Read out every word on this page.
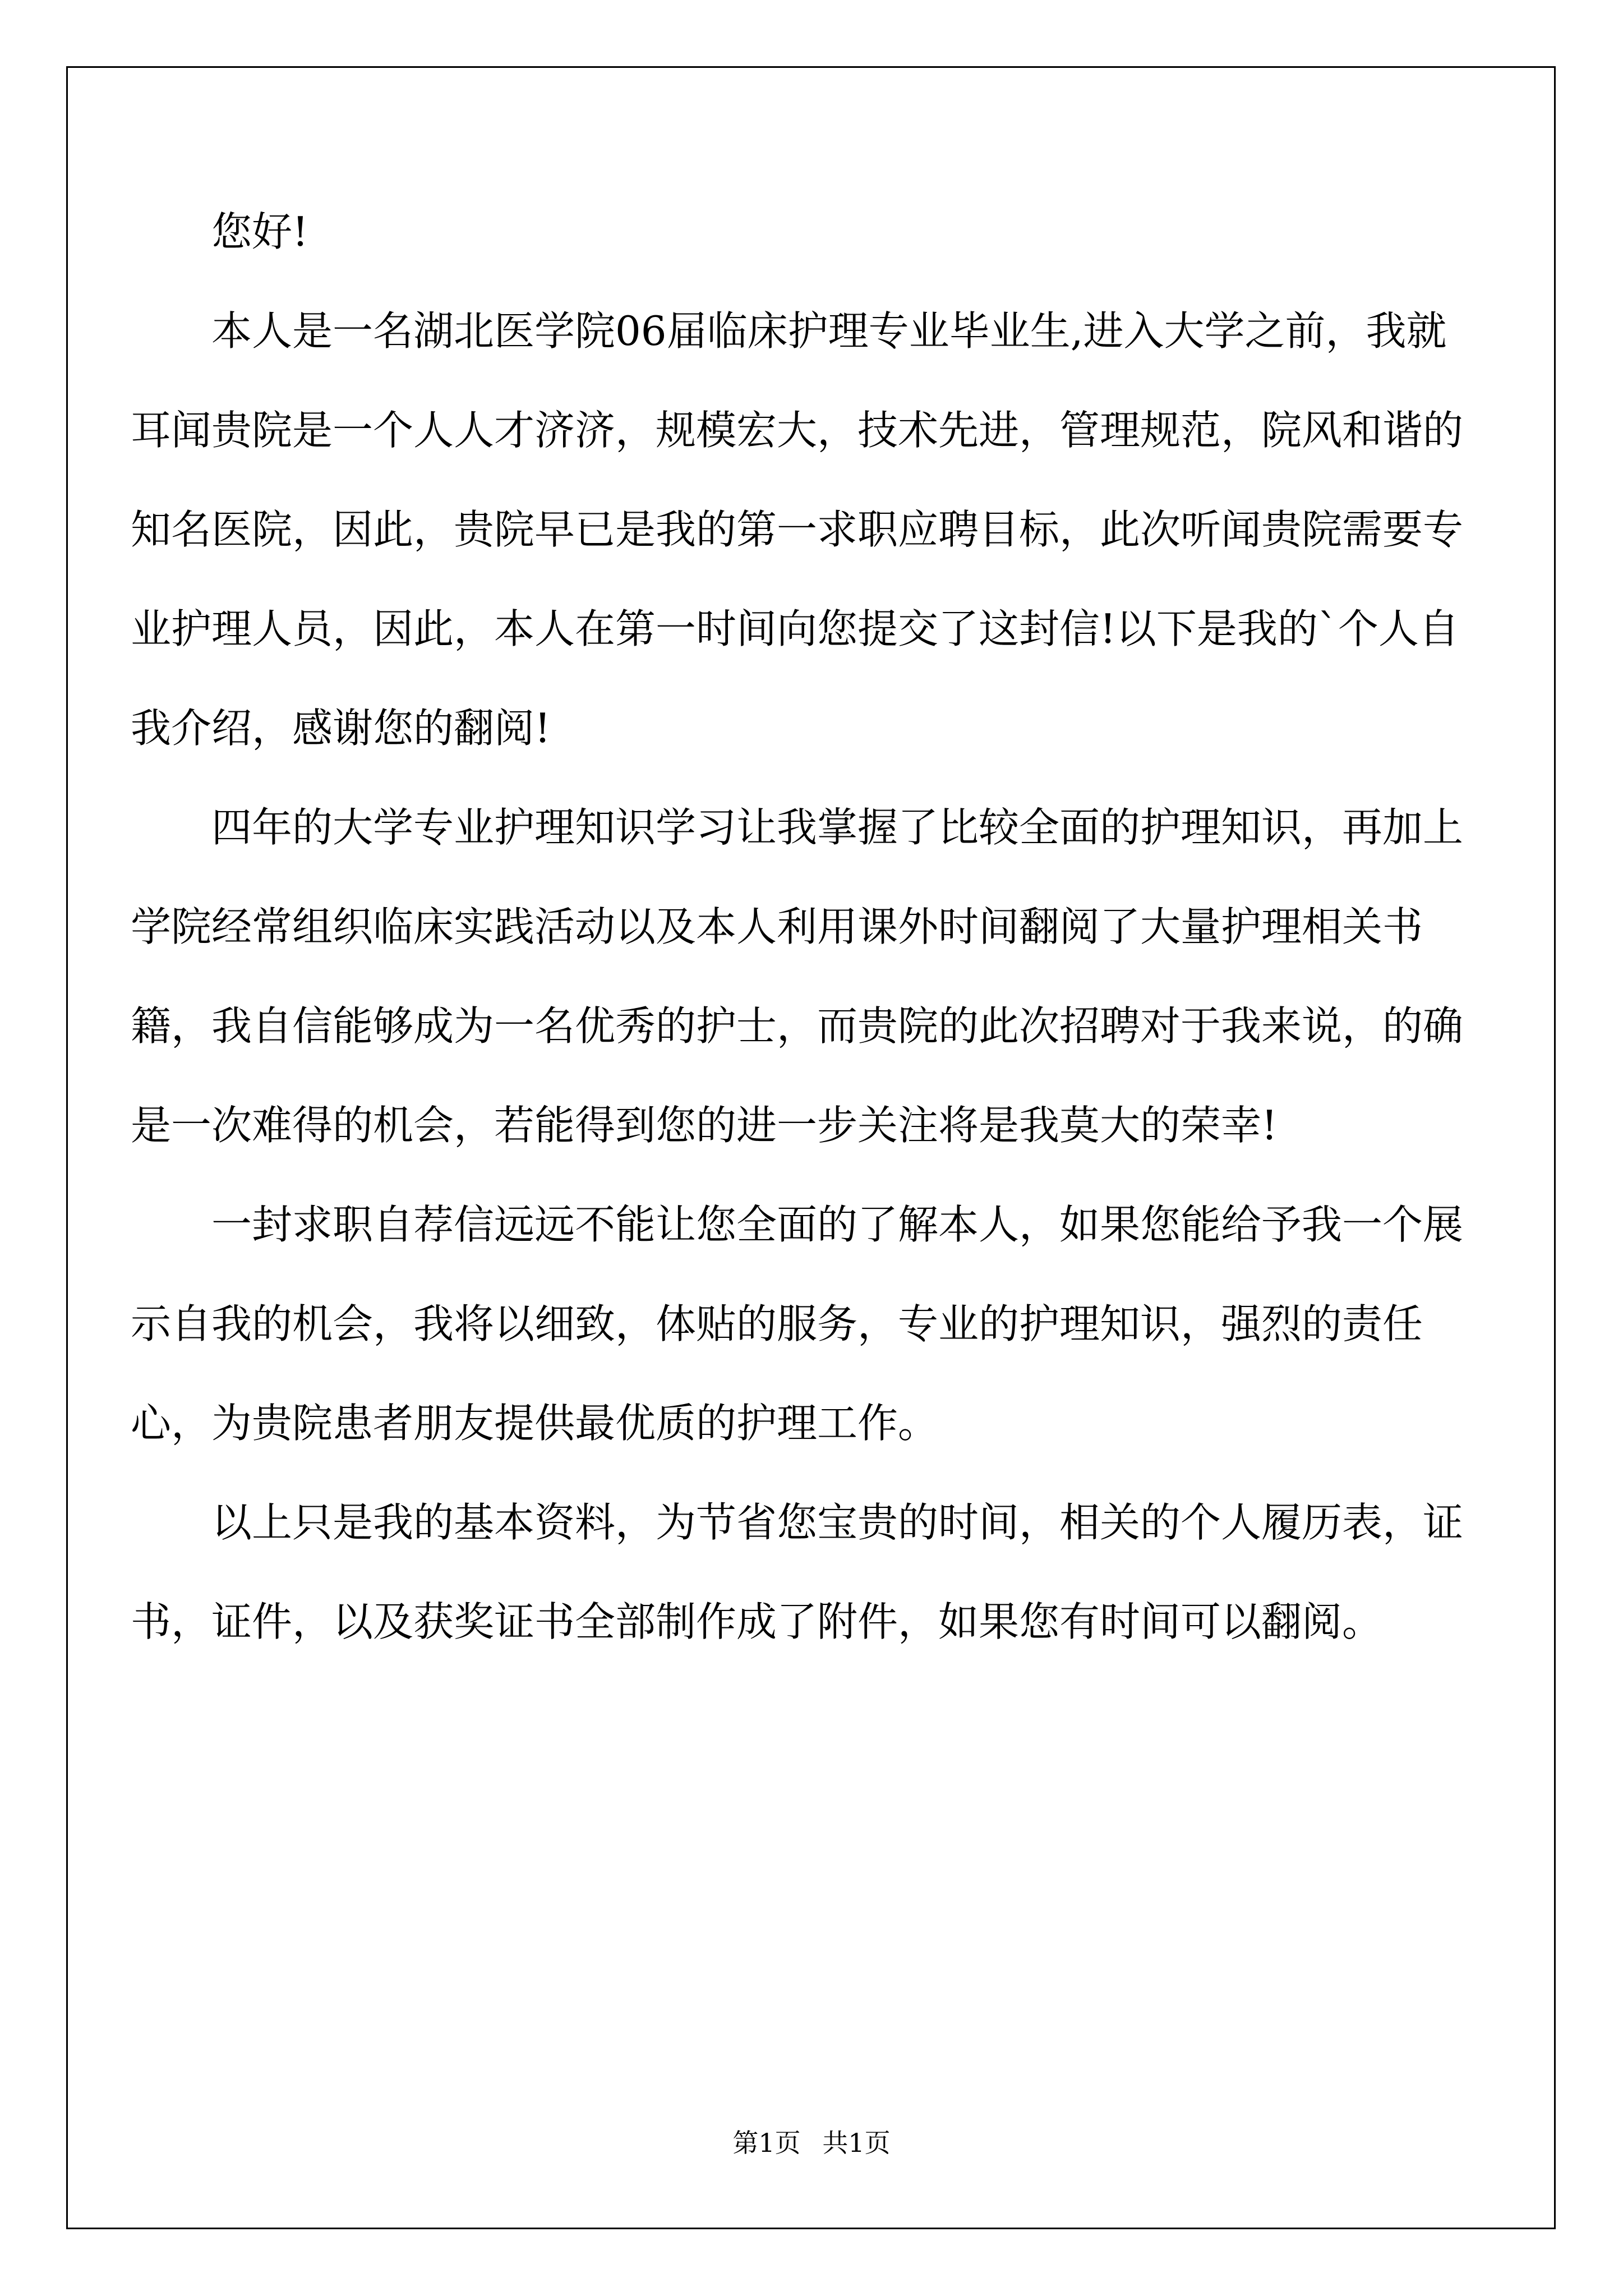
您好!

本人是一名湖北医学院06届临床护理专业毕业生,进入大学之前，我就耳闻贵院是一个人人才济济，规模宏大，技术先进，管理规范，院风和谐的知名医院，因此，贵院早已是我的第一求职应聘目标，此次听闻贵院需要专业护理人员，因此，本人在第一时间向您提交了这封信!以下是我的`个人自我介绍，感谢您的翻阅!

四年的大学专业护理知识学习让我掌握了比较全面的护理知识，再加上学院经常组织临床实践活动以及本人利用课外时间翻阅了大量护理相关书籍，我自信能够成为一名优秀的护士，而贵院的此次招聘对于我来说，的确是一次难得的机会，若能得到您的进一步关注将是我莫大的荣幸!

一封求职自荐信远远不能让您全面的了解本人，如果您能给予我一个展示自我的机会，我将以细致，体贴的服务，专业的护理知识，强烈的责任心，为贵院患者朋友提供最优质的护理工作。

以上只是我的基本资料，为节省您宝贵的时间，相关的个人履历表，证书，证件，以及获奖证书全部制作成了附件，如果您有时间可以翻阅。

第1页 共1页
